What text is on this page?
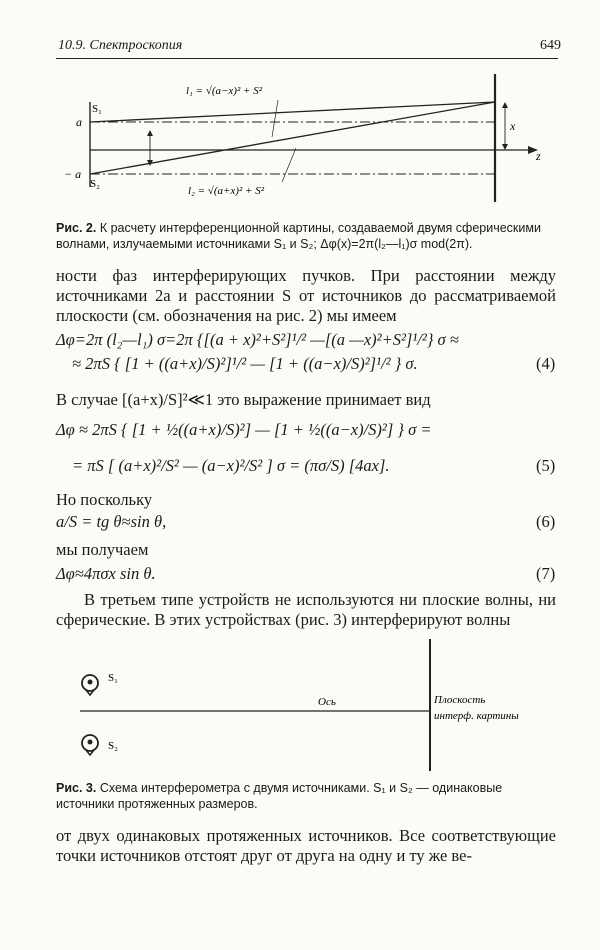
10.9. Спектроскопия	649
l₁ = √(a−x)² + S²
l₂ = √(a+x)² + S²
S₁
S₂
a
− a
x
z
Рис. 2. К расчету интерференционной картины, создаваемой двумя сферическими волнами, излучаемыми источниками S₁ и S₂; Δφ(x)=2π(l₂—l₁)σ mod(2π).
ности фаз интерферирующих пучков. При расстоянии между источниками 2a и расстоянии S от источников до рассматриваемой плоскости (см. обозначения на рис. 2) мы имеем
Δφ=2π (l₂—l₁) σ=2π {[(a + x)²+S²]¹/² —[(a —x)²+S²]¹/²} σ ≈
≈ 2πS { [1 + ((a+x)/S)²]¹/² — [1 + ((a−x)/S)²]¹/² } σ.	(4)
В случае [(a+x)/S]²≪1 это выражение принимает вид
Δφ ≈ 2πS { [1 + ½((a+x)/S)²] — [1 + ½((a−x)/S)²] } σ =
= πS [ (a+x)²/S² — (a−x)²/S² ] σ = (πσ/S) [4ax].	(5)
Но поскольку
a/S = tg θ≈sin θ,	(6)
мы получаем
Δφ≈4πσx sin θ.	(7)
В третьем типе устройств не используются ни плоские волны, ни сферические. В этих устройствах (рис. 3) интерферируют волны
S₁
S₂
Ось	Плоскость
интерф. картины
Рис. 3. Схема интерферометра с двумя источниками. S₁ и S₂ — одинаковые источники протяженных размеров.
от двух одинаковых протяженных источников. Все соответствующие точки источников отстоят друг от друга на одну и ту же ве-
